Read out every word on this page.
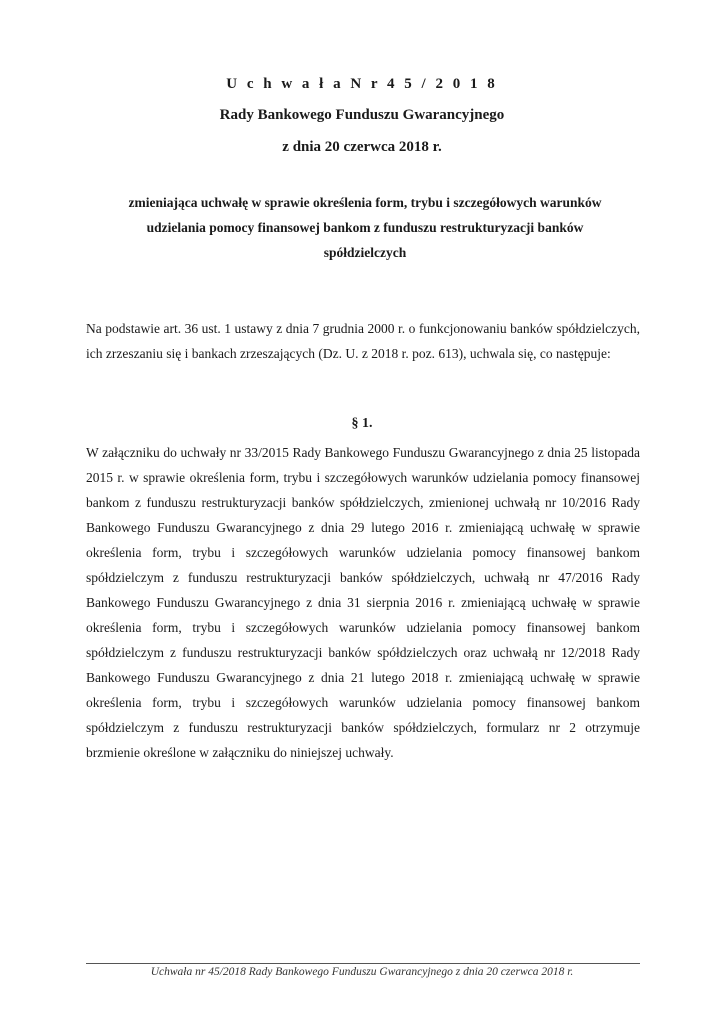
U c h w a ł a N r 4 5 / 2 0 1 8
Rady Bankowego Funduszu Gwarancyjnego
z dnia 20 czerwca 2018 r.
zmieniająca uchwałę w sprawie określenia form, trybu i szczegółowych warunków udzielania pomocy finansowej bankom z funduszu restrukturyzacji banków spółdzielczych
Na podstawie art. 36 ust. 1 ustawy z dnia 7 grudnia 2000 r. o funkcjonowaniu banków spółdzielczych, ich zrzeszaniu się i bankach zrzeszających (Dz. U. z 2018 r. poz. 613), uchwala się, co następuje:
§ 1.
W załączniku do uchwały nr 33/2015 Rady Bankowego Funduszu Gwarancyjnego z dnia 25 listopada 2015 r. w sprawie określenia form, trybu i szczegółowych warunków udzielania pomocy finansowej bankom z funduszu restrukturyzacji banków spółdzielczych, zmienionej uchwałą nr 10/2016 Rady Bankowego Funduszu Gwarancyjnego z dnia 29 lutego 2016 r. zmieniającą uchwałę w sprawie określenia form, trybu i szczegółowych warunków udzielania pomocy finansowej bankom spółdzielczym z funduszu restrukturyzacji banków spółdzielczych, uchwałą nr 47/2016 Rady Bankowego Funduszu Gwarancyjnego z dnia 31 sierpnia 2016 r. zmieniającą uchwałę w sprawie określenia form, trybu i szczegółowych warunków udzielania pomocy finansowej bankom spółdzielczym z funduszu restrukturyzacji banków spółdzielczych oraz uchwałą nr 12/2018 Rady Bankowego Funduszu Gwarancyjnego z dnia 21 lutego 2018 r. zmieniającą uchwałę w sprawie określenia form, trybu i szczegółowych warunków udzielania pomocy finansowej bankom spółdzielczym z funduszu restrukturyzacji banków spółdzielczych, formularz nr 2 otrzymuje brzmienie określone w załączniku do niniejszej uchwały.
Uchwała nr 45/2018 Rady Bankowego Funduszu Gwarancyjnego z dnia 20 czerwca 2018 r.
